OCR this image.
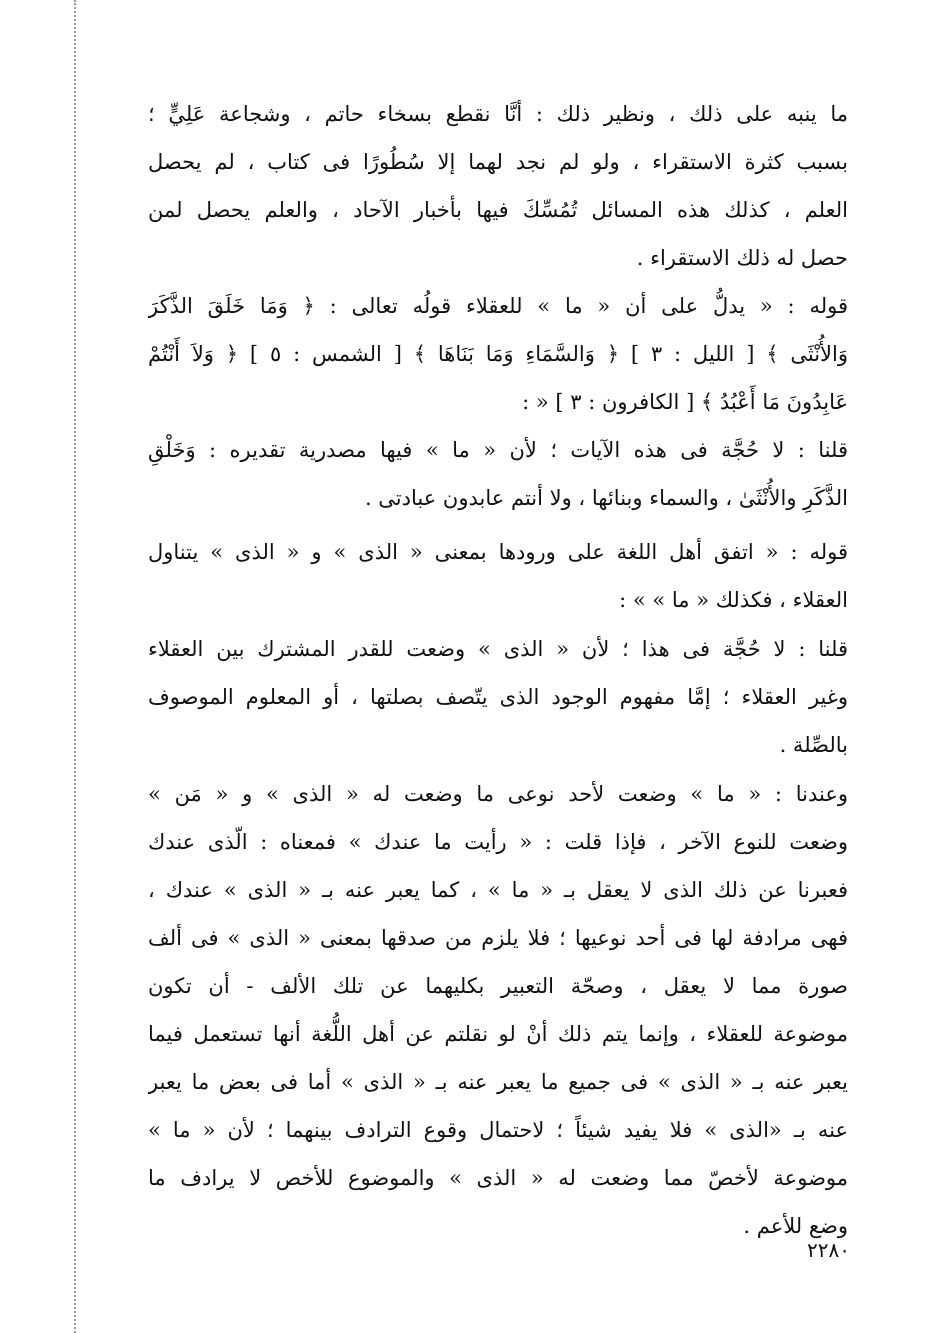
ما ينبه على ذلك ، ونظير ذلك : أنَّا نقطع بسخاء حاتم ، وشجاعة عَلِيٍّ ؛
بسبب كثرة الاستقراء ، ولو لم نجد لهما إلا سُطُورًا فى كتاب ، لم يحصل
العلم ، كذلك هذه المسائل تُمُسِّكَ فيها بأخبار الآحاد ، والعلم يحصل لمن
حصل له ذلك الاستقراء .
قوله : « يدلُّ على أن « ما » للعقلاء قولُه تعالى : ﴿ وَمَا خَلَقَ الذَّكَرَ
وَالأُنْثَى ﴾ [ الليل : ٣ ] ﴿ وَالسَّمَاءِ وَمَا بَنَاهَا ﴾ [ الشمس : ٥ ] ﴿ وَلاَ أَنْتُمْ
عَابِدُونَ مَا أَعْبُدُ ﴾ [ الكافرون : ٣ ] « :
قلنا : لا حُجَّة فى هذه الآيات ؛ لأن « ما » فيها مصدرية تقديره : وَخَلْقِ
الذَّكَرِ والأُنْثَىٰ ، والسماء وبنائها ، ولا أنتم عابدون عبادتى .
قوله : « اتفق أهل اللغة على ورودها بمعنى « الذى » و « الذى » يتناول
العقلاء ، فكذلك « ما » » :
قلنا : لا حُجَّة فى هذا ؛ لأن « الذى » وضعت للقدر المشترك بين العقلاء
وغير العقلاء ؛ إمَّا مفهوم الوجود الذى يتّصف بصلتها ، أو المعلوم الموصوف
بالصِّلة .
وعندنا : « ما » وضعت لأحد نوعى ما وضعت له « الذى » و « مَن »
وضعت للنوع الآخر ، فإذا قلت : « رأيت ما عندك » فمعناه : الّذى عندك
فعبرنا عن ذلك الذى لا يعقل بـ « ما » ، كما يعبر عنه بـ « الذى » عندك ،
فهى مرادفة لها فى أحد نوعيها ؛ فلا يلزم من صدقها بمعنى « الذى » فى ألف
صورة مما لا يعقل ، وصحّة التعبير بكليهما عن تلك الألف - أن تكون
موضوعة للعقلاء ، وإنما يتم ذلك أنْ لو نقلتم عن أهل اللُّغة أنها تستعمل فيما
يعبر عنه بـ « الذى » فى جميع ما يعبر عنه بـ « الذى » أما فى بعض ما يعبر
عنه بـ «الذى » فلا يفيد شيئاً ؛ لاحتمال وقوع الترادف بينهما ؛ لأن « ما »
موضوعة لأخصّ مما وضعت له « الذى » والموضوع للأخص لا يرادف ما
وضع للأعم .
٢٢٨٠
